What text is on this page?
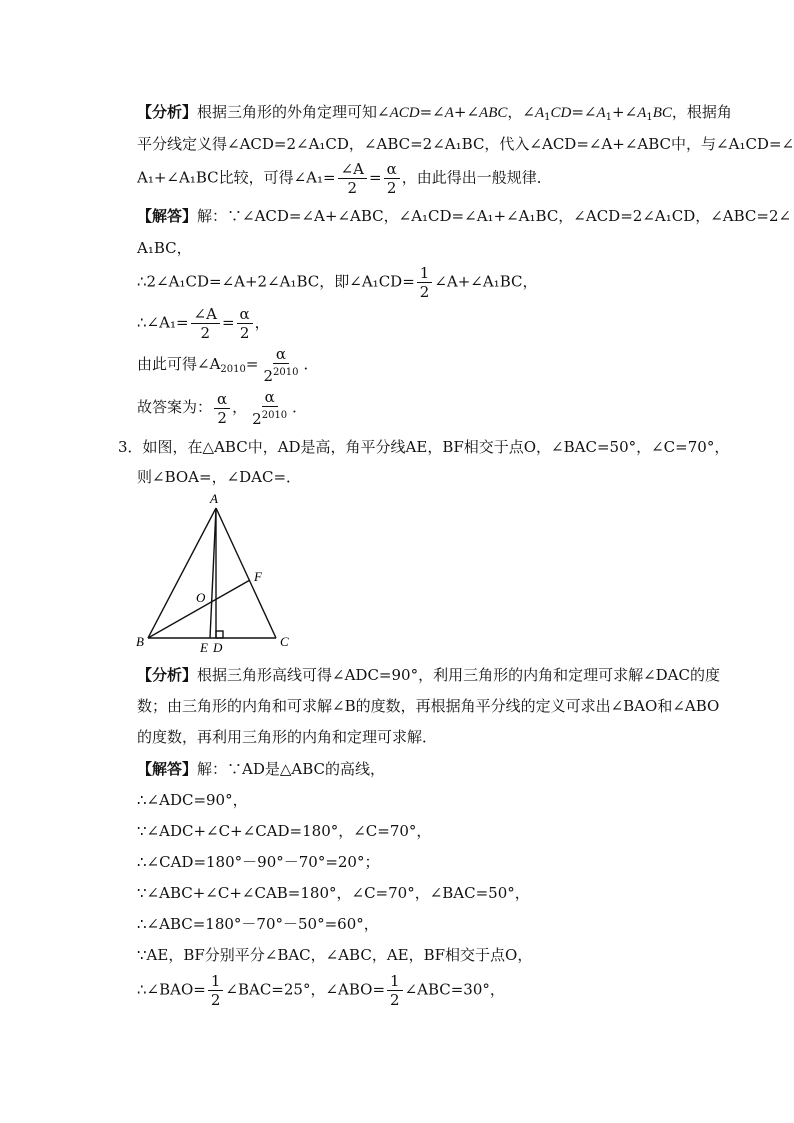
【分析】根据三角形的外角定理可知∠ACD=∠A+∠ABC，$\angle A_1CD=\angle A_1+\angle A_1BC$，根据角
平分线定义得∠ACD=2∠A₁CD，∠ABC=2∠A₁BC，代入∠ACD=∠A+∠ABC中，与∠A₁CD=∠
A₁+∠A₁BC比较，可得∠A₁= $\frac{\angle A}{2} = \frac{\alpha}{2}$ ，由此得出一般规律．
【解答】解：∵∠ACD=∠A+∠ABC，∠A₁CD=∠A₁+∠A₁BC，∠ACD=2∠A₁CD，∠ABC=2∠
A₁BC，
∴2∠A₁CD=∠A+2∠A₁BC，即∠A₁CD= $\frac{1}{2}$ ∠A+∠A₁BC，
∴∠A₁= $\frac{\angle A}{2} = \frac{\alpha}{2}$ ，
由此可得$\angle A_{2010}= \frac{\alpha}{2^{2010}}$ ．
故答案为： $\frac{\alpha}{2}$ ， $\frac{\alpha}{2^{2010}}$ ．
3．如图，在△ABC中，AD是高，角平分线AE，BF相交于点O，∠BAC=50°，∠C=70°，
则∠BOA=，∠DAC=．
A
B	C
E D
F
O
【分析】根据三角形高线可得∠ADC=90°，利用三角形的内角和定理可求解∠DAC的度
数；由三角形的内角和可求解∠B的度数，再根据角平分线的定义可求出∠BAO和∠ABO
的度数，再利用三角形的内角和定理可求解．
【解答】解：∵AD是△ABC的高线，
∴∠ADC=90°，
∵∠ADC+∠C+∠CAD=180°，∠C=70°，
∴∠CAD=180°－90°－70°=20°；
∵∠ABC+∠C+∠CAB=180°，∠C=70°，∠BAC=50°，
∴∠ABC=180°－70°－50°=60°，
∵AE，BF分别平分∠BAC，∠ABC，AE，BF相交于点O，
∴∠BAO= $\frac{1}{2}$ ∠BAC=25°，∠ABO= $\frac{1}{2}$ ∠ABC=30°，
